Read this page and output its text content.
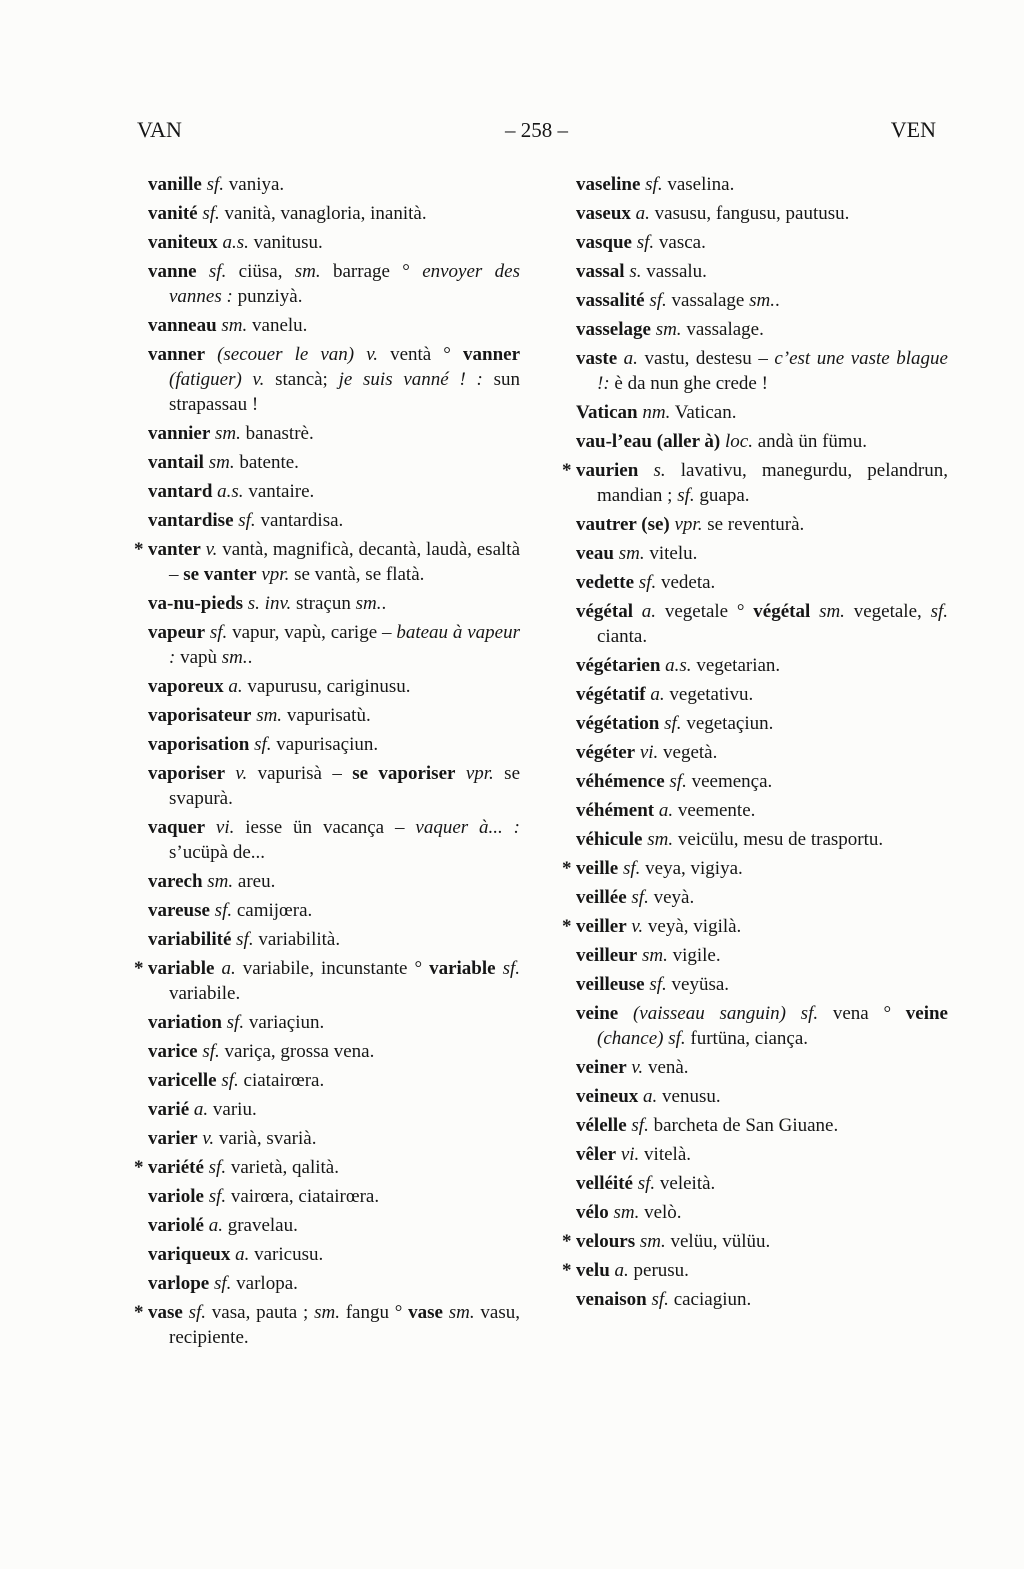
VAN	– 258 –	VEN

vanille sf. vaniya.

vanité sf. vanità, vanagloria, inanità.

vaniteux a.s. vanitusu.

vanne sf. ciüsa, sm. barrage ° envoyer des vannes : punziyà.

vanneau sm. vanelu.

vanner (secouer le van) v. ventà ° vanner (fatiguer) v. stancà; je suis vanné ! : sun strapassau !

vannier sm. banastrè.

vantail sm. batente.

vantard a.s. vantaire.

vantardise sf. vantardisa.

* vanter v. vantà, magnificà, decantà, laudà, esaltà – se vanter vpr. se vantà, se flatà.

va-nu-pieds s. inv. straçun sm..

vapeur sf. vapur, vapù, carige – bateau à vapeur : vapù sm..

vaporeux a. vapurusu, cariginusu.

vaporisateur sm. vapurisatù.

vaporisation sf. vapurisaçiun.

vaporiser v. vapurisà – se vaporiser vpr. se svapurà.

vaquer vi. iesse ün vacança – vaquer à... : s’ucüpà de...

varech sm. areu.

vareuse sf. camijœra.

variabilité sf. variabilità.

* variable a. variabile, incunstante ° variable sf. variabile.

variation sf. variaçiun.

varice sf. variça, grossa vena.

varicelle sf. ciatairœra.

varié a. variu.

varier v. varià, svarià.

* variété sf. varietà, qalità.

variole sf. vairœra, ciatairœra.

variolé a. gravelau.

variqueux a. varicusu.

varlope sf. varlopa.

* vase sf. vasa, pauta ; sm. fangu ° vase sm. vasu, recipiente.

vaseline sf. vaselina.

vaseux a. vasusu, fangusu, pautusu.

vasque sf. vasca.

vassal s. vassalu.

vassalité sf. vassalage sm..

vasselage sm. vassalage.

vaste a. vastu, destesu – c’est une vaste blague !: è da nun ghe crede !

Vatican nm. Vatican.

vau-l’eau (aller à) loc. andà ün fümu.

* vaurien s. lavativu, manegurdu, pelandrun, mandian ; sf. guapa.

vautrer (se) vpr. se reventurà.

veau sm. vitelu.

vedette sf. vedeta.

végétal a. vegetale ° végétal sm. vegetale, sf. cianta.

végétarien a.s. vegetarian.

végétatif a. vegetativu.

végétation sf. vegetaçiun.

végéter vi. vegetà.

véhémence sf. veemença.

véhément a. veemente.

véhicule sm. veicülu, mesu de trasportu.

* veille sf. veya, vigiya.

veillée sf. veyà.

* veiller v. veyà, vigilà.

veilleur sm. vigile.

veilleuse sf. veyüsa.

veine (vaisseau sanguin) sf. vena ° veine (chance) sf. furtüna, ciança.

veiner v. venà.

veineux a. venusu.

vélelle sf. barcheta de San Giuane.

vêler vi. vitelà.

velléité sf. veleità.

vélo sm. velò.

* velours sm. velüu, vülüu.

* velu a. perusu.

venaison sf. caciagiun.
